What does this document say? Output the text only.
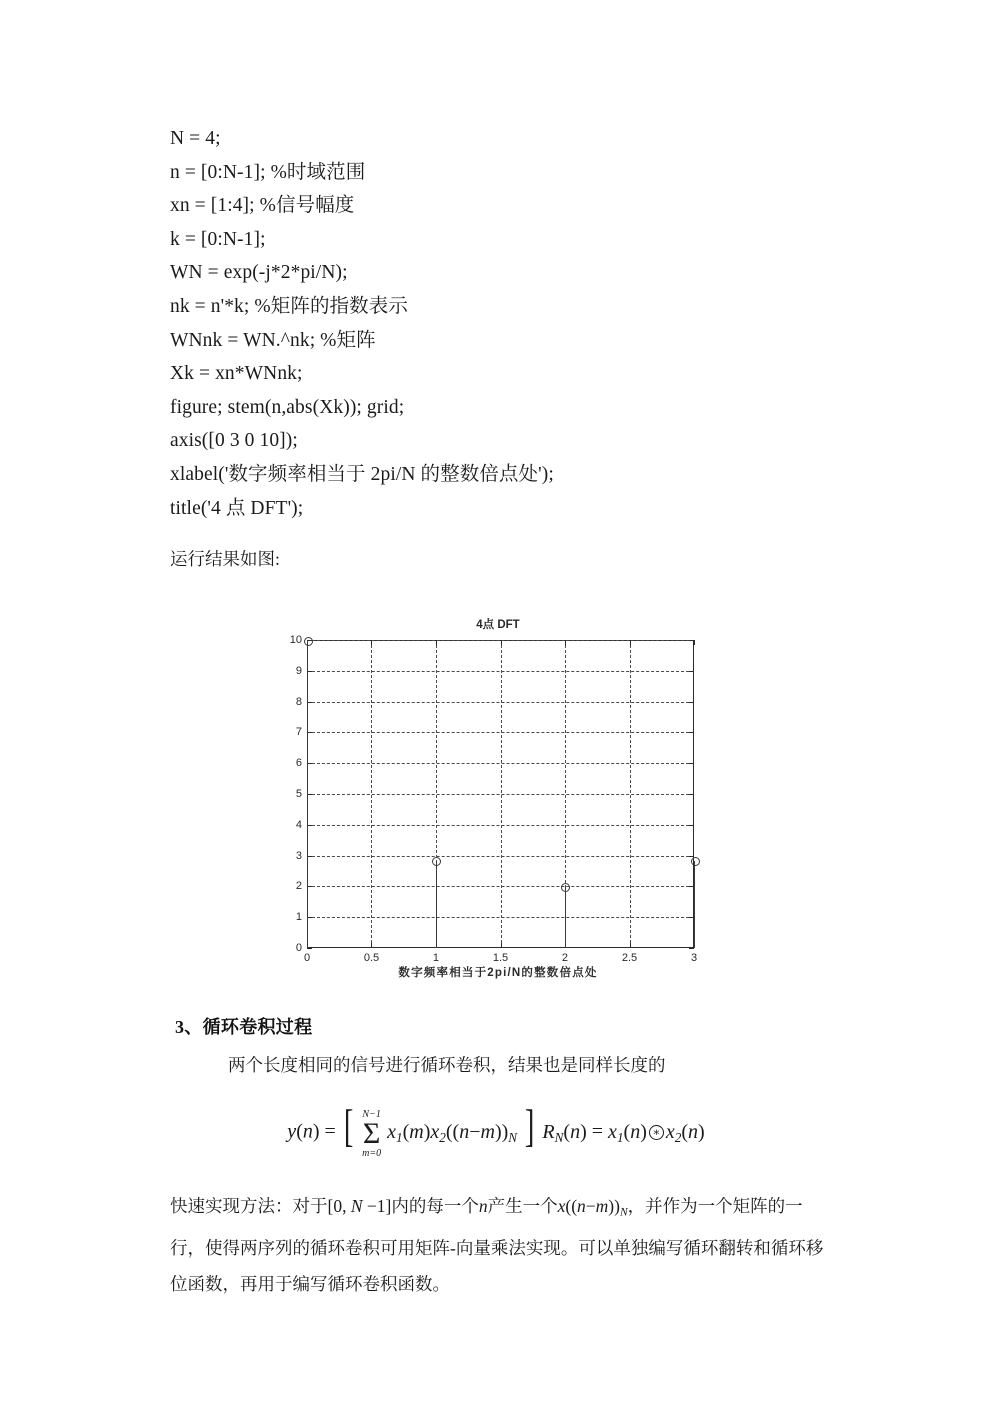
N = 4;
n = [0:N-1]; %时域范围
xn = [1:4]; %信号幅度
k = [0:N-1];
WN = exp(-j*2*pi/N);
nk = n'*k; %矩阵的指数表示
WNnk = WN.^nk; %矩阵
Xk = xn*WNnk;
figure; stem(n,abs(Xk)); grid;
axis([0 3 0 10]);
xlabel('数字频率相当于 2pi/N 的整数倍点处');
title('4 点 DFT');
运行结果如图:
4点 DFT
0
1
2
3
4
5
6
7
8
9
10
0	0.5	1	1.5	2	2.5	3
数字频率相当于2pi/N的整数倍点处
3、循环卷积过程
两个长度相同的信号进行循环卷积，结果也是同样长度的
y(n) = [ N−1
Σ
m=0
$x_1(m)x_2((n-m))_N$ ] $R_N(n) = x_1(n)$ ∗ $x_2(n)$
快速实现方法：对于[0, N −1]内的每一个n产生一个$x((n-m))_N$，并作为一个矩阵的一
行，使得两序列的循环卷积可用矩阵-向量乘法实现。可以单独编写循环翻转和循环移
位函数，再用于编写循环卷积函数。
